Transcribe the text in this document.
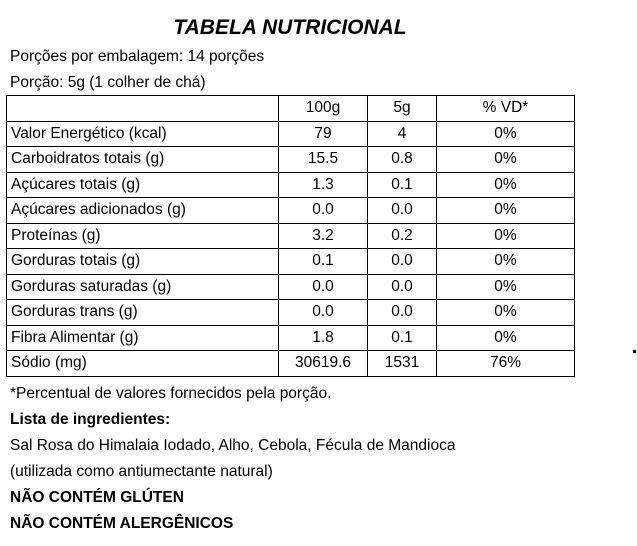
TABELA NUTRICIONAL
Porções por embalagem: 14 porções
Porção: 5g (1 colher de chá)
	100g	5g	% VD*
Valor Energético (kcal)	79	4	0%
Carboidratos totais (g)	15.5	0.8	0%
Açúcares totais (g)	1.3	0.1	0%
Açúcares adicionados (g)	0.0	0.0	0%
Proteínas (g)	3.2	0.2	0%
Gorduras totais (g)	0.1	0.0	0%
Gorduras saturadas (g)	0.0	0.0	0%
Gorduras trans (g)	0.0	0.0	0%
Fibra Alimentar (g)	1.8	0.1	0%
Sódio (mg)	30619.6	1531	76%
*Percentual de valores fornecidos pela porção.
Lista de ingredientes:
Sal Rosa do Himalaia Iodado, Alho, Cebola, Fécula de Mandioca
(utilizada como antiumectante natural)
NÃO CONTÉM GLÚTEN
NÃO CONTÉM ALERGÊNICOS
